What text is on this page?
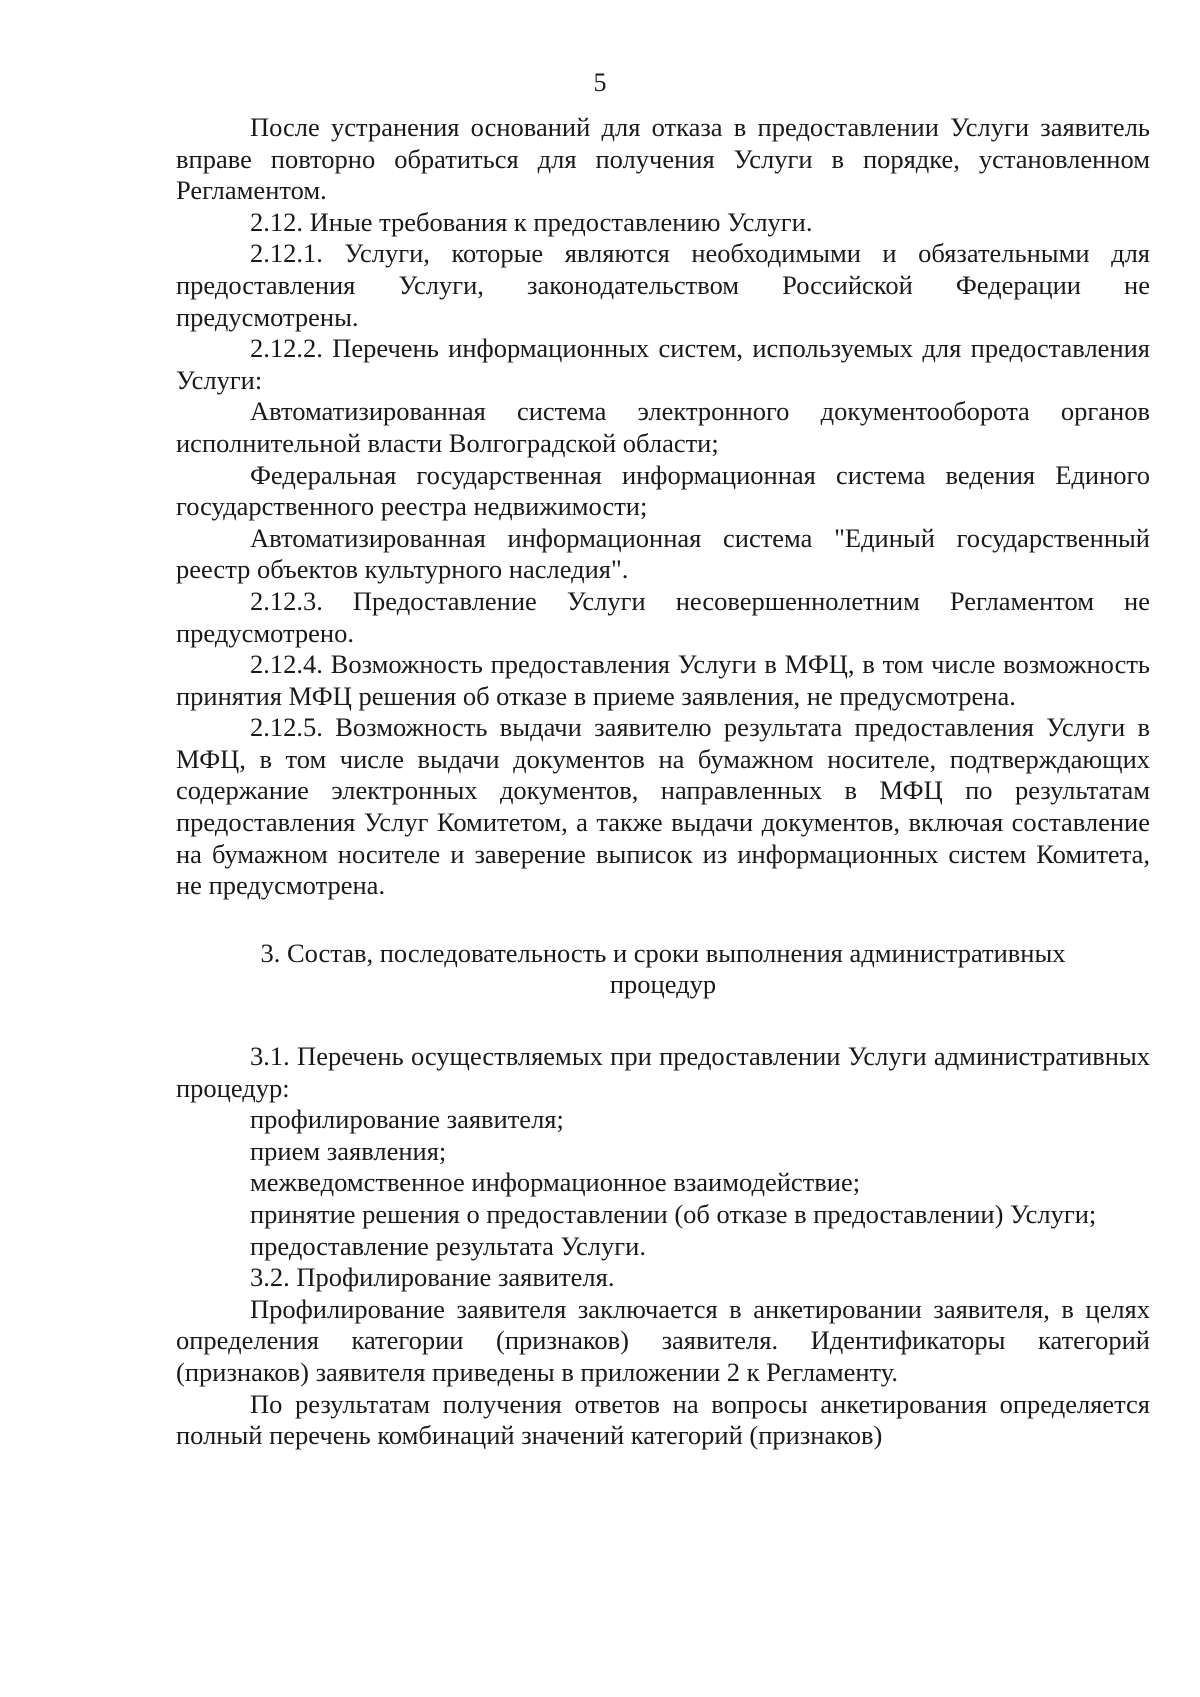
5

После устранения оснований для отказа в предоставлении Услуги заявитель вправе повторно обратиться для получения Услуги в порядке, установленном Регламентом.

2.12. Иные требования к предоставлению Услуги.

2.12.1. Услуги, которые являются необходимыми и обязательными для предоставления Услуги, законодательством Российской Федерации не предусмотрены.

2.12.2. Перечень информационных систем, используемых для предоставления Услуги:

Автоматизированная система электронного документооборота органов исполнительной власти Волгоградской области;

Федеральная государственная информационная система ведения Единого государственного реестра недвижимости;

Автоматизированная информационная система "Единый государственный реестр объектов культурного наследия".

2.12.3. Предоставление Услуги несовершеннолетним Регламентом не предусмотрено.

2.12.4. Возможность предоставления Услуги в МФЦ, в том числе возможность принятия МФЦ решения об отказе в приеме заявления, не предусмотрена.

2.12.5. Возможность выдачи заявителю результата предоставления Услуги в МФЦ, в том числе выдачи документов на бумажном носителе, подтверждающих содержание электронных документов, направленных в МФЦ по результатам предоставления Услуг Комитетом, а также выдачи документов, включая составление на бумажном носителе и заверение выписок из информационных систем Комитета, не предусмотрена.

3. Состав, последовательность и сроки выполнения административных
процедур

3.1. Перечень осуществляемых при предоставлении Услуги административных процедур:

профилирование заявителя;

прием заявления;

межведомственное информационное взаимодействие;

принятие решения о предоставлении (об отказе в предоставлении) Услуги;

предоставление результата Услуги.

3.2. Профилирование заявителя.

Профилирование заявителя заключается в анкетировании заявителя, в целях определения категории (признаков) заявителя. Идентификаторы категорий (признаков) заявителя приведены в приложении 2 к Регламенту.

По результатам получения ответов на вопросы анкетирования определяется полный перечень комбинаций значений категорий (признаков)
